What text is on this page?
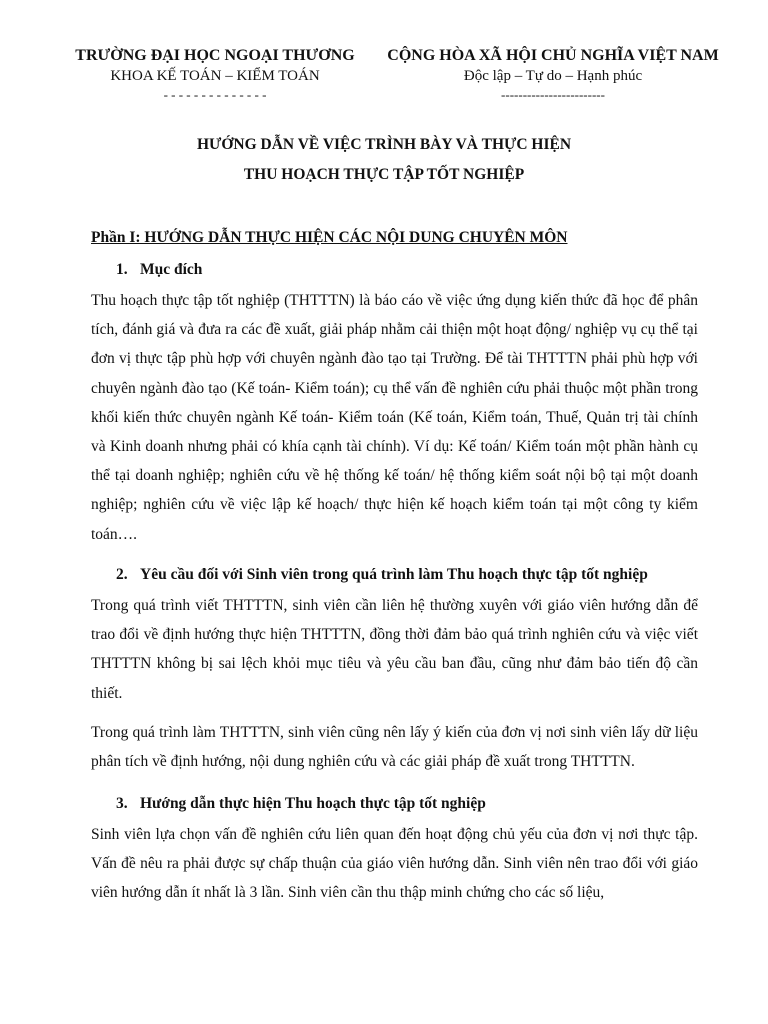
TRƯỜNG ĐẠI HỌC NGOẠI THƯƠNG
KHOA KẾ TOÁN – KIỂM TOÁN
- - - - - - - - - - - - - -
CỘNG HÒA XÃ HỘI CHỦ NGHĨA VIỆT NAM
Độc lập – Tự do – Hạnh phúc
------------------------
HƯỚNG DẪN VỀ VIỆC TRÌNH BÀY VÀ THỰC HIỆN
THU HOẠCH THỰC TẬP TỐT NGHIỆP
Phần I: HƯỚNG DẪN THỰC HIỆN CÁC NỘI DUNG CHUYÊN MÔN
1. Mục đích
Thu hoạch thực tập tốt nghiệp (THTTTN) là báo cáo về việc ứng dụng kiến thức đã học để phân tích, đánh giá và đưa ra các đề xuất, giải pháp nhằm cải thiện một hoạt động/ nghiệp vụ cụ thể tại đơn vị thực tập phù hợp với chuyên ngành đào tạo tại Trường. Để tài THTTTN phải phù hợp với chuyên ngành đào tạo (Kế toán- Kiểm toán); cụ thể vấn đề nghiên cứu phải thuộc một phần trong khối kiến thức chuyên ngành Kế toán- Kiểm toán (Kế toán, Kiểm toán, Thuế, Quản trị tài chính và Kinh doanh nhưng phải có khía cạnh tài chính). Ví dụ: Kế toán/ Kiểm toán một phần hành cụ thể tại doanh nghiệp; nghiên cứu về hệ thống kế toán/ hệ thống kiểm soát nội bộ tại một doanh nghiệp; nghiên cứu về việc lập kế hoạch/ thực hiện kế hoạch kiểm toán tại một công ty kiểm toán….
2. Yêu cầu đối với Sinh viên trong quá trình làm Thu hoạch thực tập tốt nghiệp
Trong quá trình viết THTTTN, sinh viên cần liên hệ thường xuyên với giáo viên hướng dẫn để trao đổi về định hướng thực hiện THTTTN, đồng thời đảm bảo quá trình nghiên cứu và việc viết THTTTN không bị sai lệch khỏi mục tiêu và yêu cầu ban đầu, cũng như đảm bảo tiến độ cần thiết.
Trong quá trình làm THTTTN, sinh viên cũng nên lấy ý kiến của đơn vị nơi sinh viên lấy dữ liệu phân tích về định hướng, nội dung nghiên cứu và các giải pháp đề xuất trong THTTTN.
3. Hướng dẫn thực hiện Thu hoạch thực tập tốt nghiệp
Sinh viên lựa chọn vấn đề nghiên cứu liên quan đến hoạt động chủ yếu của đơn vị nơi thực tập. Vấn đề nêu ra phải được sự chấp thuận của giáo viên hướng dẫn. Sinh viên nên trao đổi với giáo viên hướng dẫn ít nhất là 3 lần. Sinh viên cần thu thập minh chứng cho các số liệu,
